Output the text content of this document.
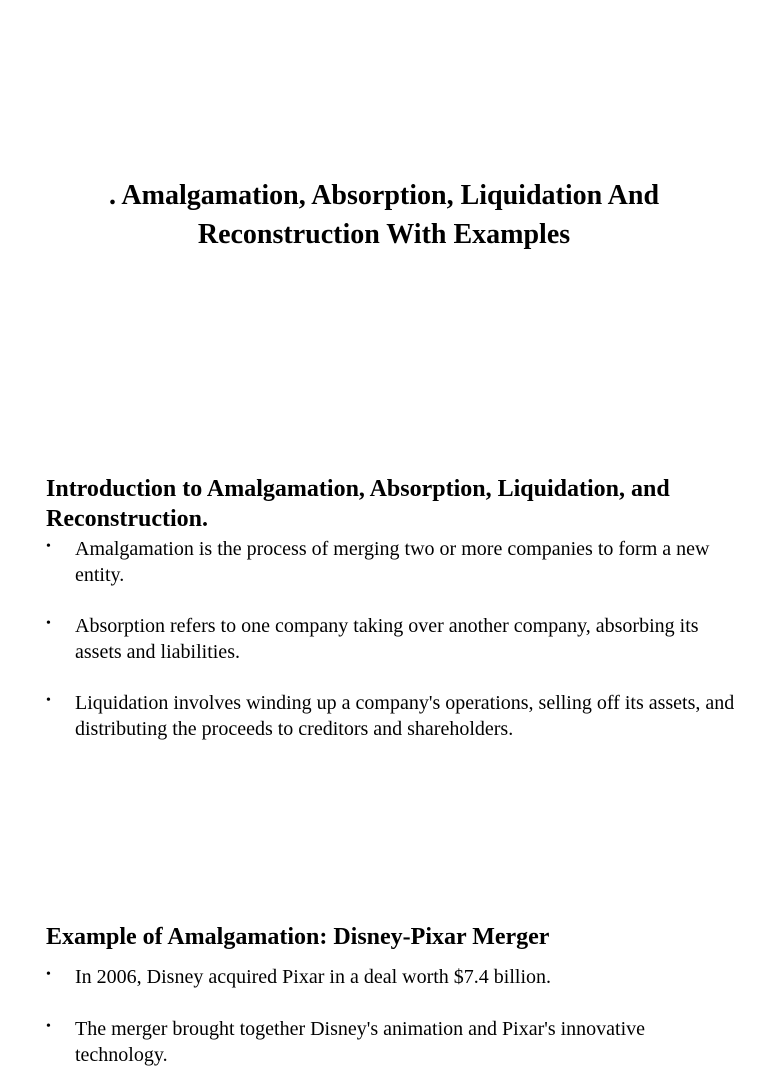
. Amalgamation, Absorption, Liquidation And Reconstruction With Examples
Introduction to Amalgamation, Absorption, Liquidation, and Reconstruction.
• Amalgamation is the process of merging two or more companies to form a new entity.
• Absorption refers to one company taking over another company, absorbing its assets and liabilities.
• Liquidation involves winding up a company's operations, selling off its assets, and distributing the proceeds to creditors and shareholders.
Example of Amalgamation: Disney-Pixar Merger
• In 2006, Disney acquired Pixar in a deal worth $7.4 billion.
• The merger brought together Disney's animation and Pixar's innovative technology.
